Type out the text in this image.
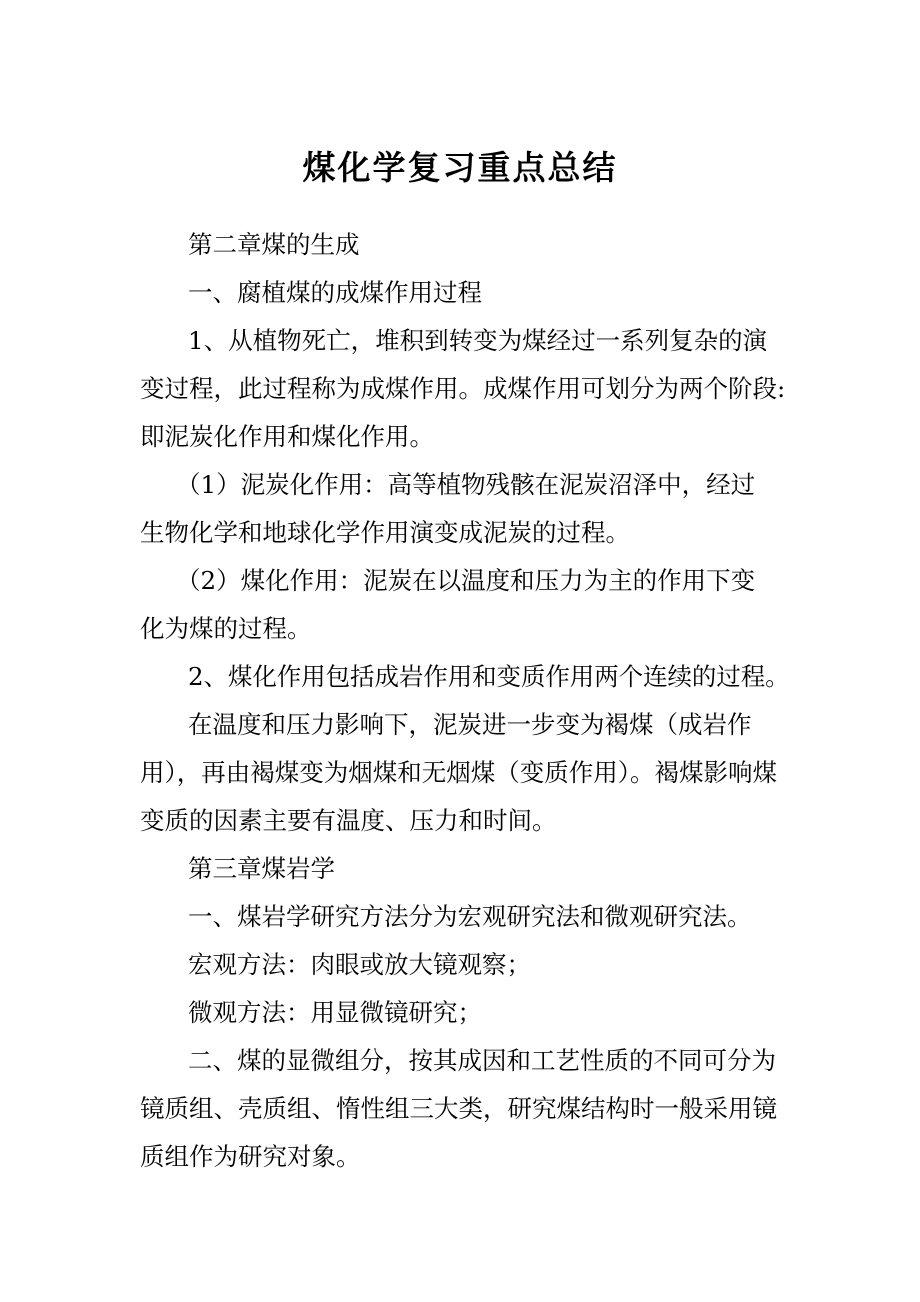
煤化学复习重点总结
第二章煤的生成
一、腐植煤的成煤作用过程
1、从植物死亡，堆积到转变为煤经过一系列复杂的演
变过程，此过程称为成煤作用。成煤作用可划分为两个阶段:
即泥炭化作用和煤化作用。
（1）泥炭化作用：高等植物残骸在泥炭沼泽中，经过
生物化学和地球化学作用演变成泥炭的过程。
（2）煤化作用：泥炭在以温度和压力为主的作用下变
化为煤的过程。
2、煤化作用包括成岩作用和变质作用两个连续的过程。
在温度和压力影响下，泥炭进一步变为褐煤（成岩作
用），再由褐煤变为烟煤和无烟煤（变质作用）。褐煤影响煤
变质的因素主要有温度、压力和时间。
第三章煤岩学
一、煤岩学研究方法分为宏观研究法和微观研究法。
宏观方法：肉眼或放大镜观察；
微观方法：用显微镜研究；
二、煤的显微组分，按其成因和工艺性质的不同可分为
镜质组、壳质组、惰性组三大类，研究煤结构时一般采用镜
质组作为研究对象。
